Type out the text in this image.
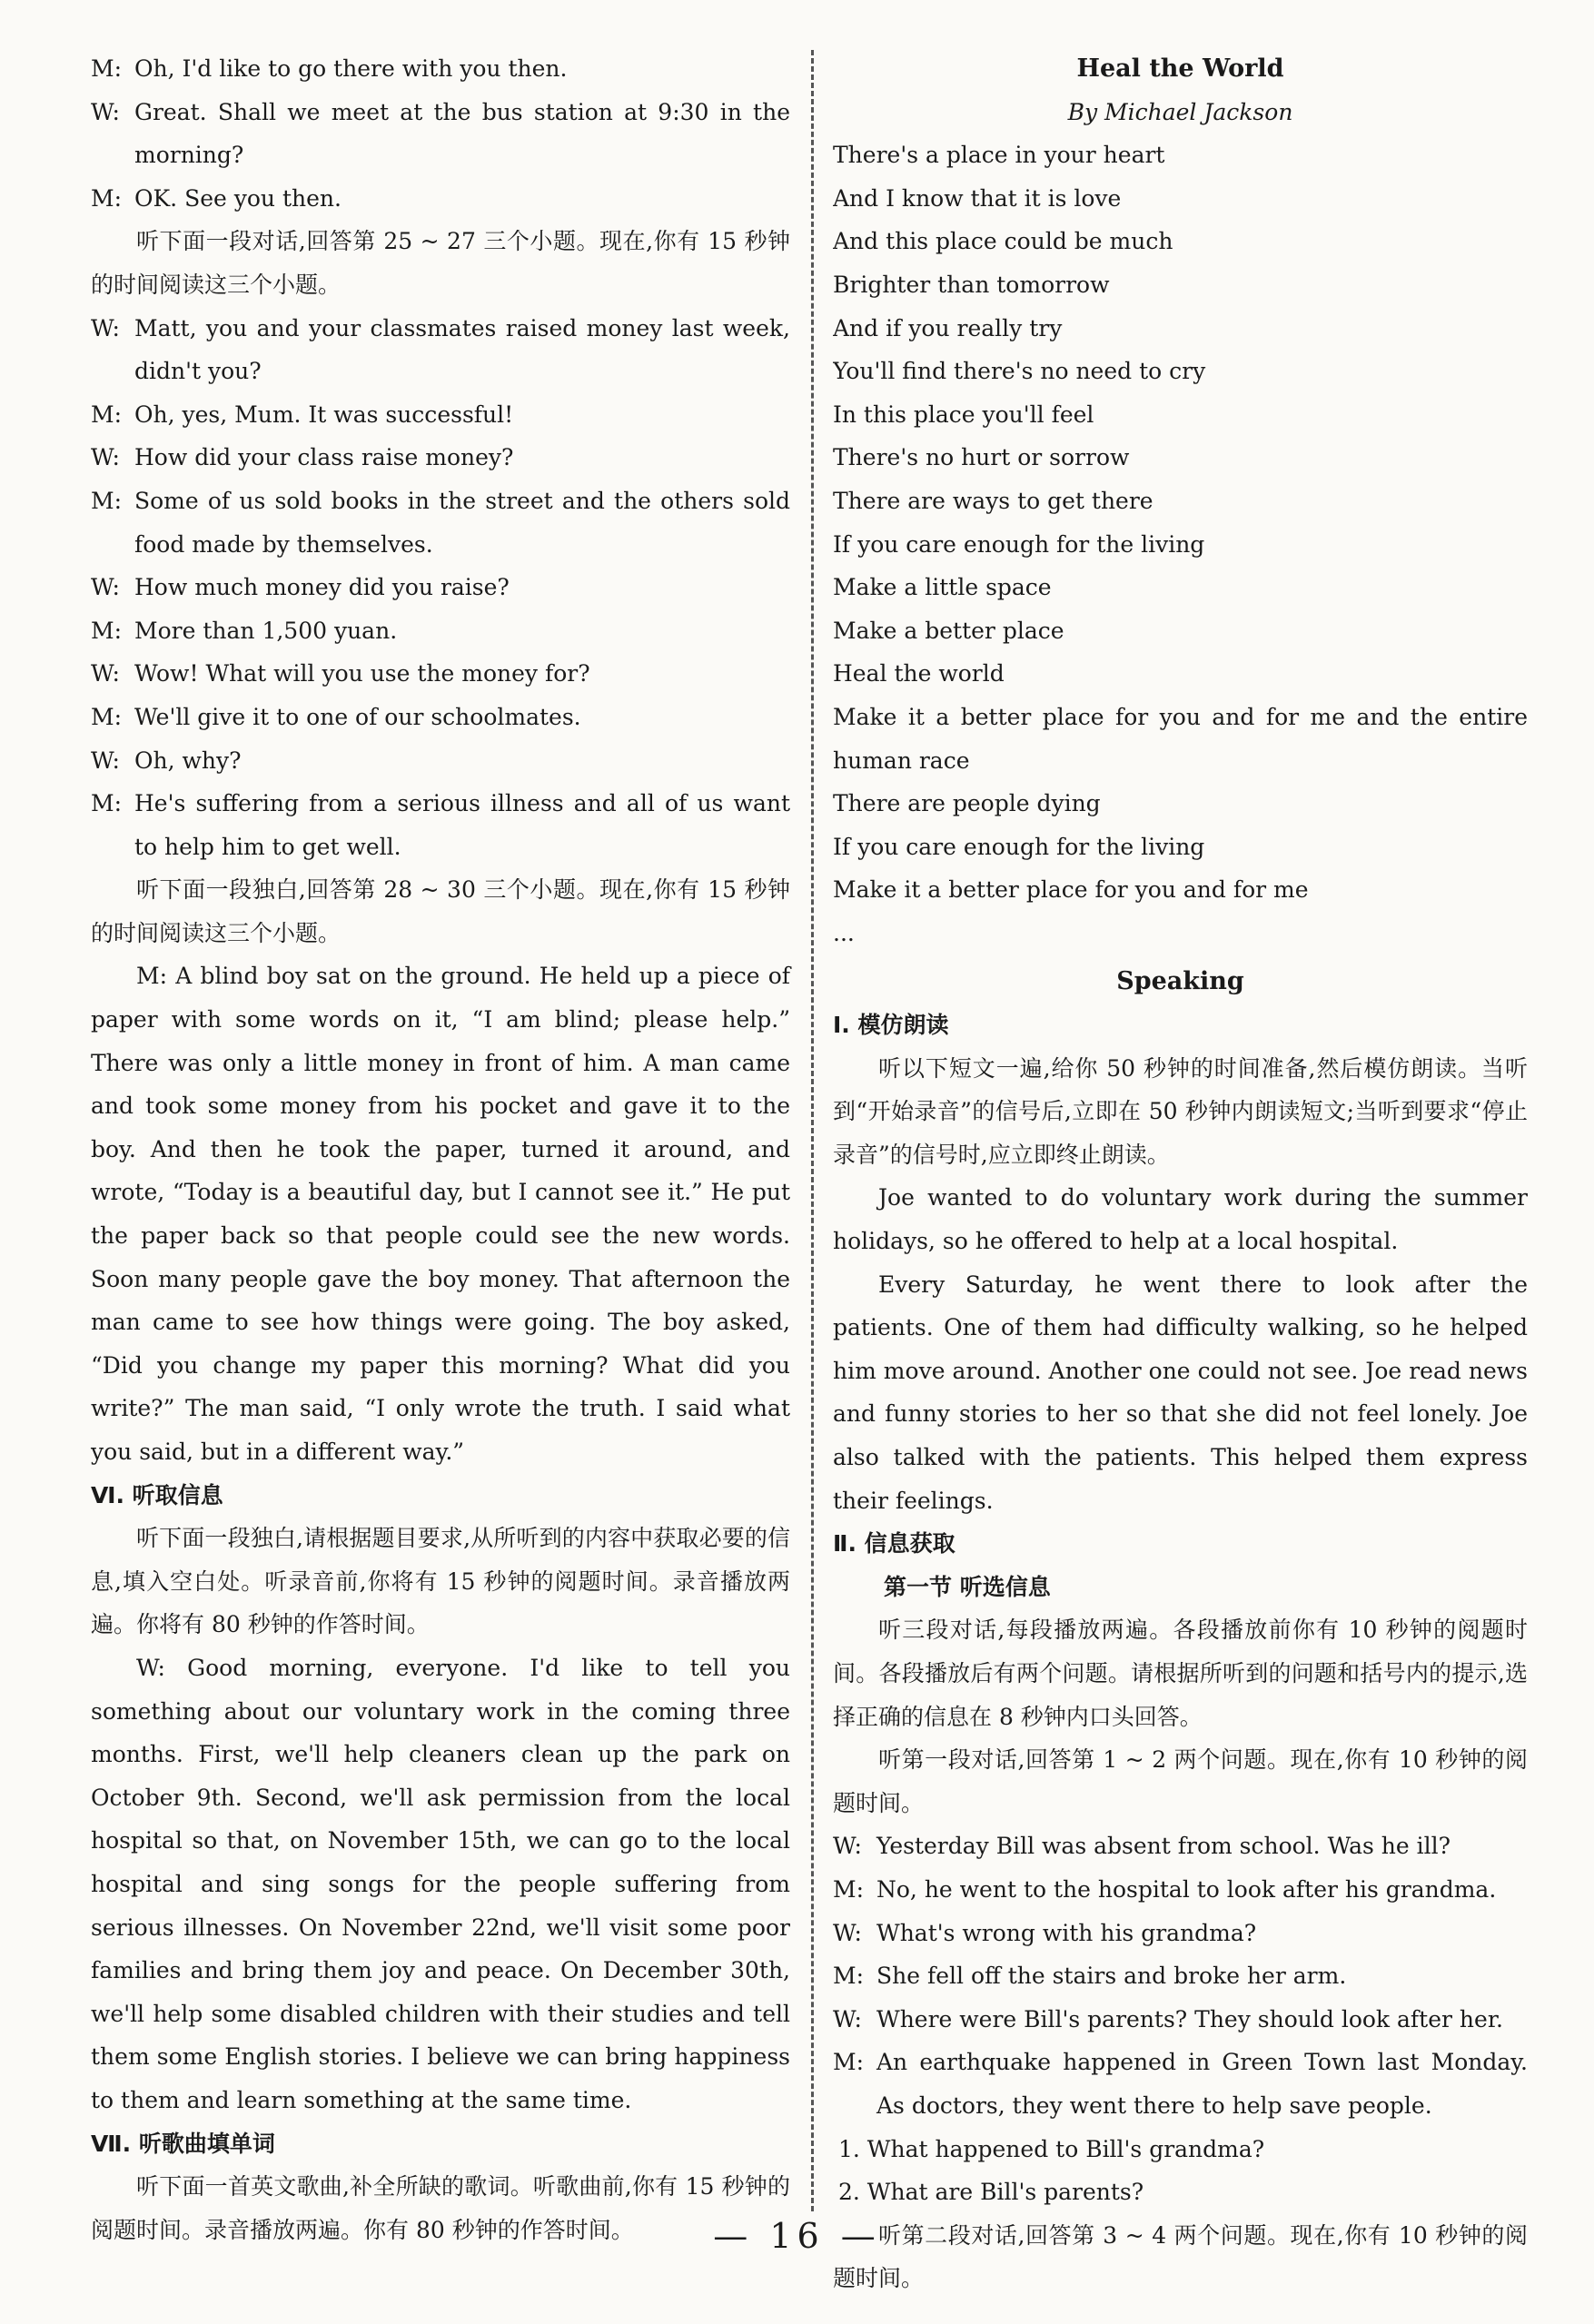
M: Oh, I'd like to go there with you then.
W: Great. Shall we meet at the bus station at 9:30 in the morning?
M: OK. See you then.
听下面一段对话,回答第 25 ~ 27 三个小题。现在,你有 15 秒钟的时间阅读这三个小题。
W: Matt, you and your classmates raised money last week, didn't you?
M: Oh, yes, Mum. It was successful!
W: How did your class raise money?
M: Some of us sold books in the street and the others sold food made by themselves.
W: How much money did you raise?
M: More than 1,500 yuan.
W: Wow! What will you use the money for?
M: We'll give it to one of our schoolmates.
W: Oh, why?
M: He's suffering from a serious illness and all of us want to help him to get well.
听下面一段独白,回答第 28 ~ 30 三个小题。现在,你有 15 秒钟的时间阅读这三个小题。
M: A blind boy sat on the ground. He held up a piece of paper with some words on it, “I am blind; please help.” There was only a little money in front of him. A man came and took some money from his pocket and gave it to the boy. And then he took the paper, turned it around, and wrote, “Today is a beautiful day, but I cannot see it.” He put the paper back so that people could see the new words. Soon many people gave the boy money. That afternoon the man came to see how things were going. The boy asked, “Did you change my paper this morning? What did you write?” The man said, “I only wrote the truth. I said what you said, but in a different way.”
Ⅵ. 听取信息
听下面一段独白,请根据题目要求,从所听到的内容中获取必要的信息,填入空白处。听录音前,你将有 15 秒钟的阅题时间。录音播放两遍。你将有 80 秒钟的作答时间。
W: Good morning, everyone. I'd like to tell you something about our voluntary work in the coming three months. First, we'll help cleaners clean up the park on October 9th. Second, we'll ask permission from the local hospital so that, on November 15th, we can go to the local hospital and sing songs for the people suffering from serious illnesses. On November 22nd, we'll visit some poor families and bring them joy and peace. On December 30th, we'll help some disabled children with their studies and tell them some English stories. I believe we can bring happiness to them and learn something at the same time.
Ⅶ. 听歌曲填单词
听下面一首英文歌曲,补全所缺的歌词。听歌曲前,你有 15 秒钟的阅题时间。录音播放两遍。你有 80 秒钟的作答时间。
Heal the World
By Michael Jackson
There's a place in your heart
And I know that it is love
And this place could be much
Brighter than tomorrow
And if you really try
You'll find there's no need to cry
In this place you'll feel
There's no hurt or sorrow
There are ways to get there
If you care enough for the living
Make a little space
Make a better place
Heal the world
Make it a better place for you and for me and the entire human race
There are people dying
If you care enough for the living
Make it a better place for you and for me
...
Speaking
Ⅰ. 模仿朗读
听以下短文一遍,给你 50 秒钟的时间准备,然后模仿朗读。当听到“开始录音”的信号后,立即在 50 秒钟内朗读短文;当听到要求“停止录音”的信号时,应立即终止朗读。
Joe wanted to do voluntary work during the summer holidays, so he offered to help at a local hospital.
Every Saturday, he went there to look after the patients. One of them had difficulty walking, so he helped him move around. Another one could not see. Joe read news and funny stories to her so that she did not feel lonely. Joe also talked with the patients. This helped them express their feelings.
Ⅱ. 信息获取
第一节 听选信息
听三段对话,每段播放两遍。各段播放前你有 10 秒钟的阅题时间。各段播放后有两个问题。请根据所听到的问题和括号内的提示,选择正确的信息在 8 秒钟内口头回答。
听第一段对话,回答第 1 ~ 2 两个问题。现在,你有 10 秒钟的阅题时间。
W: Yesterday Bill was absent from school. Was he ill?
M: No, he went to the hospital to look after his grandma.
W: What's wrong with his grandma?
M: She fell off the stairs and broke her arm.
W: Where were Bill's parents? They should look after her.
M: An earthquake happened in Green Town last Monday. As doctors, they went there to help save people.
1. What happened to Bill's grandma?
2. What are Bill's parents?
听第二段对话,回答第 3 ~ 4 两个问题。现在,你有 10 秒钟的阅题时间。
— 16 —
